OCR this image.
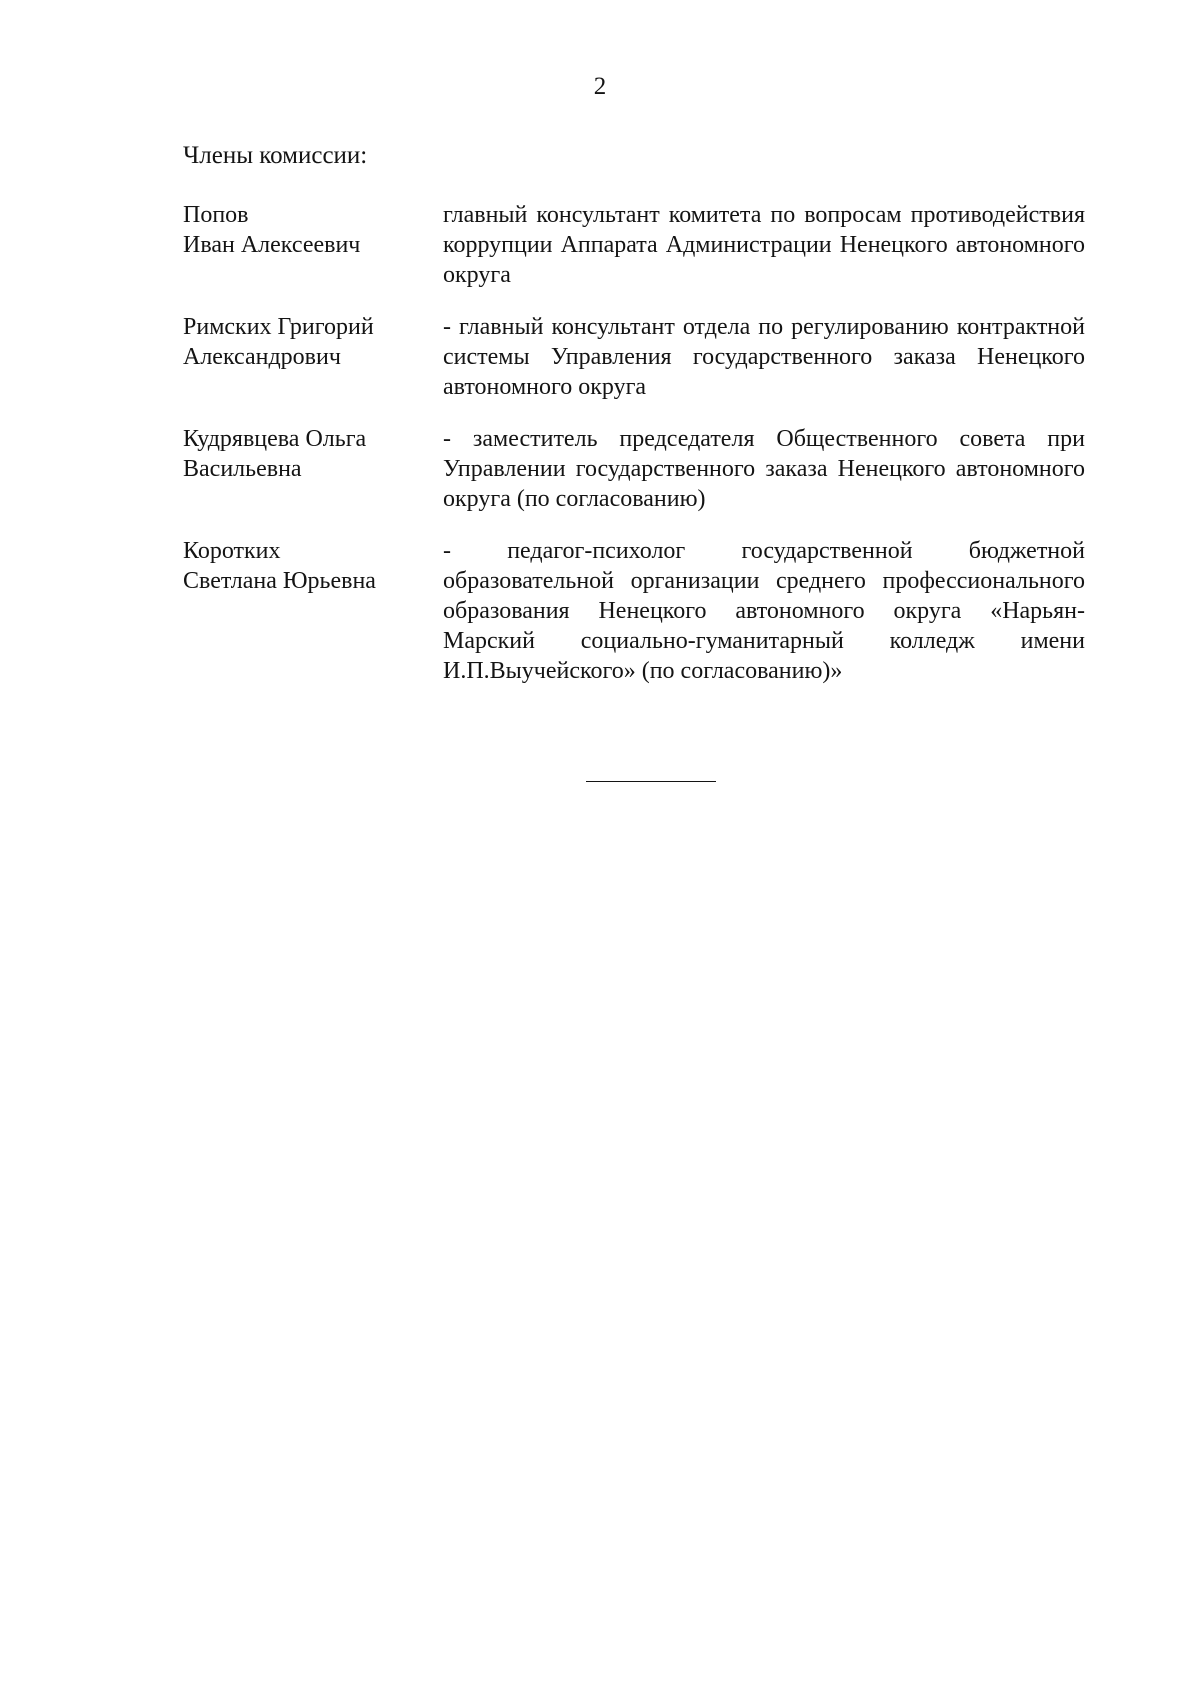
2
Члены комиссии:
Попов
Иван Алексеевич
главный консультант комитета по вопросам противодействия коррупции Аппарата Администрации Ненецкого автономного округа
Римских Григорий
Александрович
- главный консультант отдела по регулированию контрактной системы Управления государственного заказа Ненецкого автономного округа
Кудрявцева Ольга
Васильевна
- заместитель председателя Общественного совета при Управлении государственного заказа Ненецкого автономного округа (по согласованию)
Коротких
Светлана Юрьевна
- педагог-психолог государственной бюджетной образовательной организации среднего профессионального образования Ненецкого автономного округа «Нарьян-Марский социально-гуманитарный колледж имени И.П.Выучейского» (по согласованию)»
